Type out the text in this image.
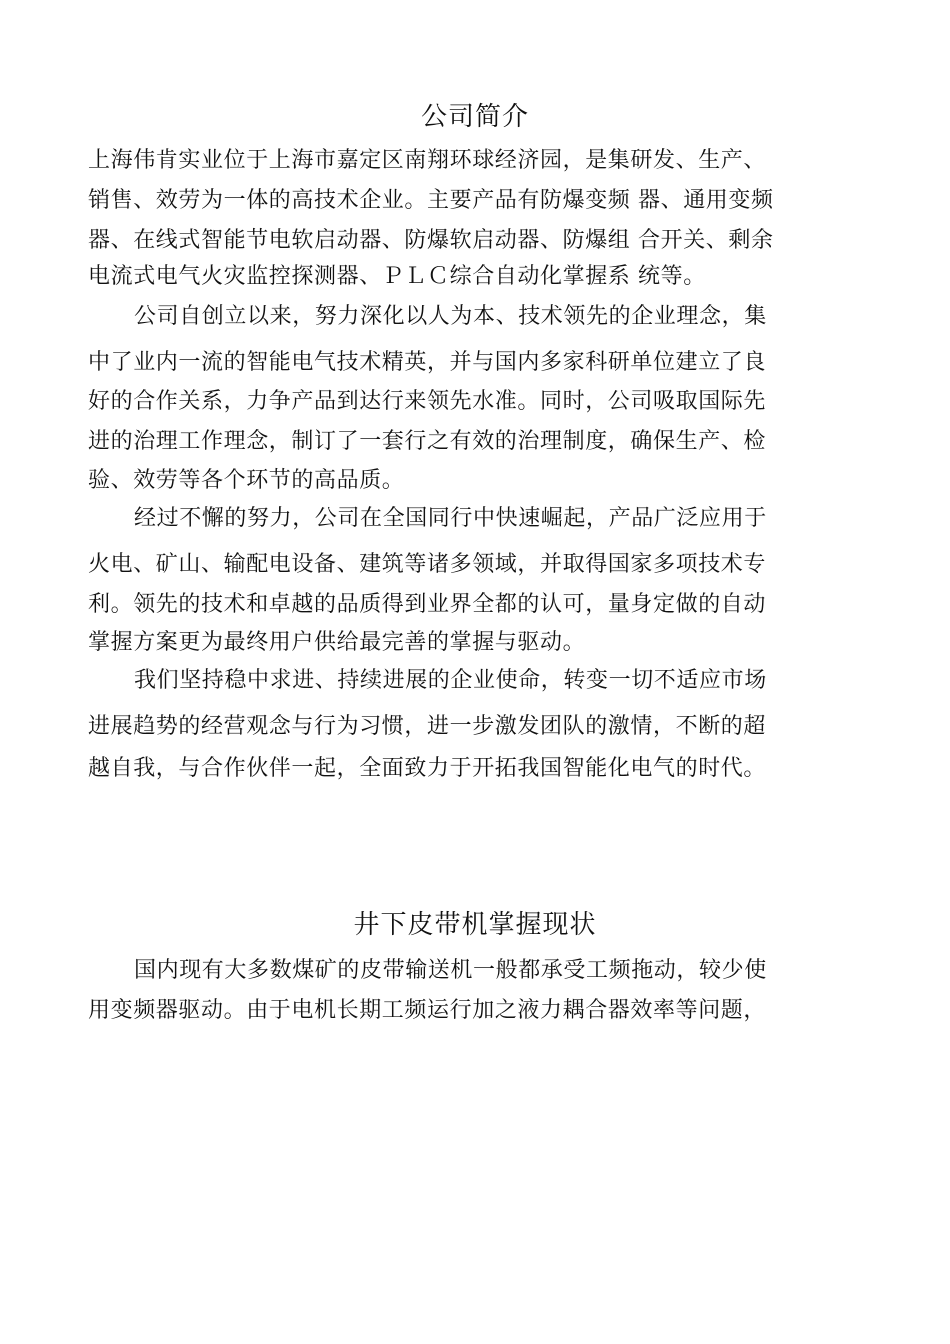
公司简介
上海伟肯实业位于上海市嘉定区南翔环球经济园，是集研发、生产、
销售、效劳为一体的高技术企业。主要产品有防爆变频 器、通用变频
器、在线式智能节电软启动器、防爆软启动器、防爆组 合开关、剩余
电流式电气火灾监控探测器、ＰＬＣ综合自动化掌握系 统等。
公司自创立以来，努力深化以人为本、技术领先的企业理念，集
中了业内一流的智能电气技术精英，并与国内多家科研单位建立了良
好的合作关系，力争产品到达行来领先水准。同时，公司吸取国际先
进的治理工作理念，制订了一套行之有效的治理制度，确保生产、检
验、效劳等各个环节的高品质。
经过不懈的努力，公司在全国同行中快速崛起，产品广泛应用于
火电、矿山、输配电设备、建筑等诸多领域，并取得国家多项技术专
利。领先的技术和卓越的品质得到业界全都的认可，量身定做的自动
掌握方案更为最终用户供给最完善的掌握与驱动。
我们坚持稳中求进、持续进展的企业使命，转变一切不适应市场
进展趋势的经营观念与行为习惯，进一步激发团队的激情，不断的超
越自我，与合作伙伴一起，全面致力于开拓我国智能化电气的时代。
井下皮带机掌握现状
国内现有大多数煤矿的皮带输送机一般都承受工频拖动，较少使
用变频器驱动。由于电机长期工频运行加之液力耦合器效率等问题，
